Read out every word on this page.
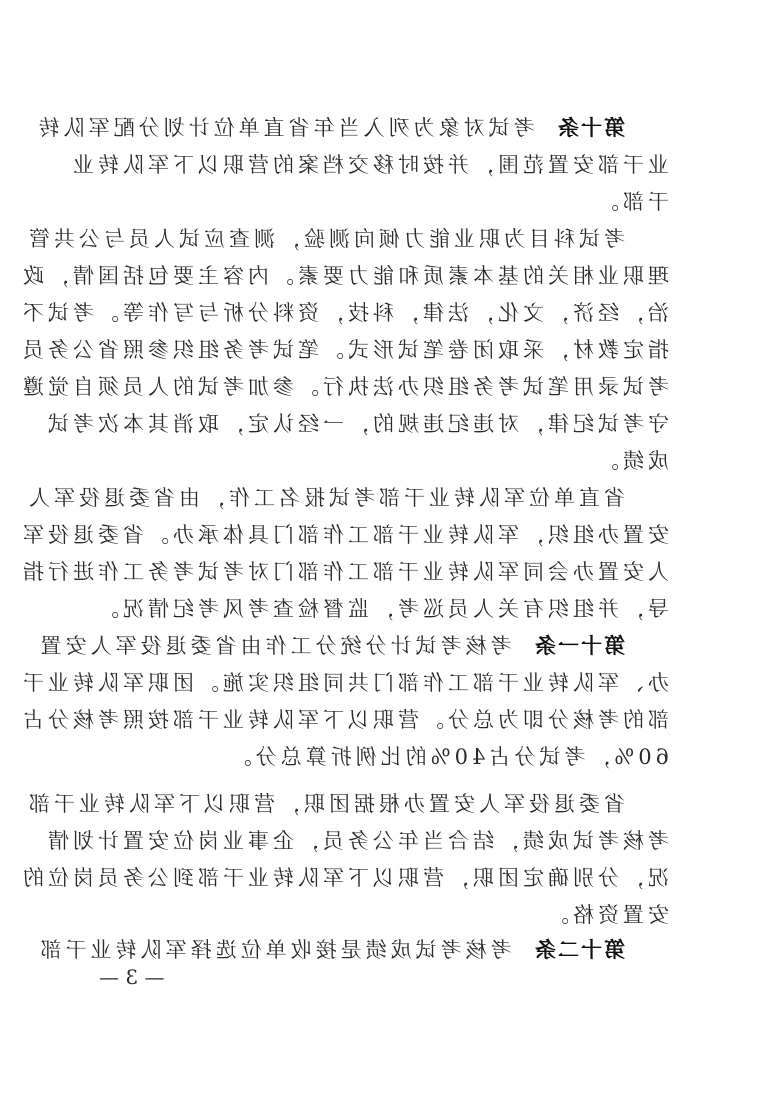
第十条  考试对象为列入当年省直单位计划分配军队转
业干部安置范围，并按时移交档案的营职以下军队转业
干部。
考试科目为职业能力倾向测验，测查应试人员与公共管
理职业相关的基本素质和能力要素。内容主要包括国情，政
治，经济，文化，法律，科技，资料分析与写作等。考试不
指定教材，采取闭卷笔试形式。笔试考务组织参照省公务员
考试录用笔试考务组织办法执行。参加考试的人员须自觉遵
守考试纪律，对违纪违规的，一经认定，取消其本次考试
成绩。
省直单位军队转业干部考试报名工作，由省委退役军人
安置办组织，军队转业干部工作部门具体承办。省委退役军
人安置办会同军队转业干部工作部门对考试考务工作进行指
导，并组织有关人员巡考，监督检查考风考纪情况。
第十一条  考核考试计分统分工作由省委退役军人安置
办、军队转业干部工作部门共同组织实施。团职军队转业干
部的考核分即为总分。营职以下军队转业干部按照考核分占
60%，考试分占40%的比例折算总分。
省委退役军人安置办根据团职，营职以下军队转业干部
考核考试成绩，结合当年公务员，企事业岗位安置计划情
况，分别确定团职，营职以下军队转业干部到公务员岗位的
安置资格。
第十二条  考核考试成绩是接收单位选择军队转业干部
— 3 —
